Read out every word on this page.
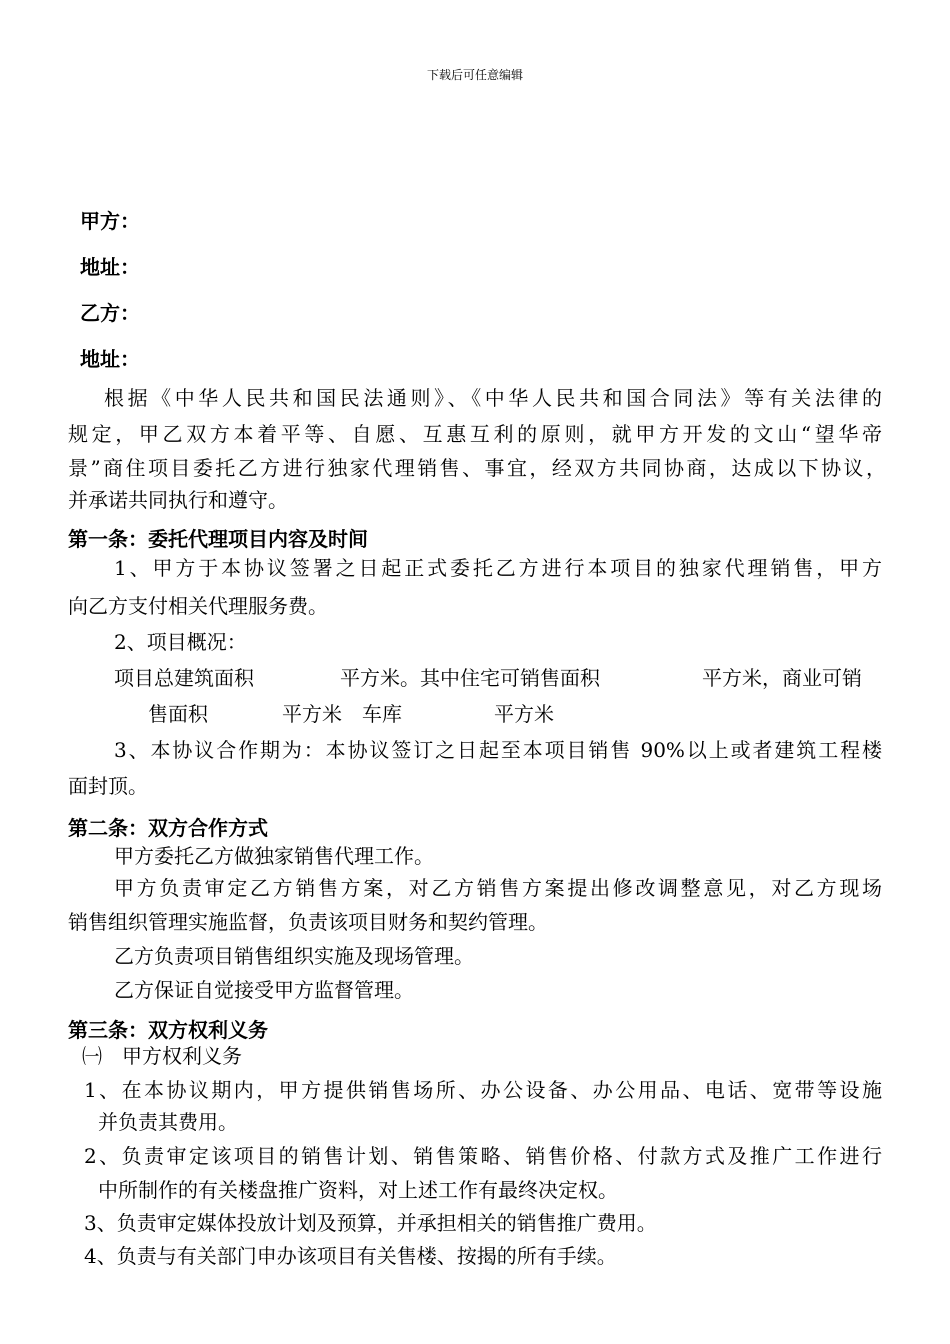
下载后可任意编辑
甲方：
地址：
乙方：
地址：
根据《中华人民共和国民法通则》、《中华人民共和国合同法》等有关法律的
规定，甲乙双方本着平等、自愿、互惠互利的原则，就甲方开发的文山“望华帝
景”商住项目委托乙方进行独家代理销售、事宜，经双方共同协商，达成以下协议，
并承诺共同执行和遵守。
第一条：委托代理项目内容及时间
1、甲方于本协议签署之日起正式委托乙方进行本项目的独家代理销售，甲方
向乙方支付相关代理服务费。
2、项目概况：
项目总建筑面积	平方米。其中住宅可销售面积	平方米，商业可销
售面积	平方米　车库	平方米
3、本协议合作期为：本协议签订之日起至本项目销售 90%以上或者建筑工程楼
面封顶。
第二条：双方合作方式
甲方委托乙方做独家销售代理工作。
甲方负责审定乙方销售方案，对乙方销售方案提出修改调整意见，对乙方现场
销售组织管理实施监督，负责该项目财务和契约管理。
乙方负责项目销售组织实施及现场管理。
乙方保证自觉接受甲方监督管理。
第三条：双方权利义务
㈠　甲方权利义务
1、在本协议期内，甲方提供销售场所、办公设备、办公用品、电话、宽带等设施
并负责其费用。
2、负责审定该项目的销售计划、销售策略、销售价格、付款方式及推广工作进行
中所制作的有关楼盘推广资料，对上述工作有最终决定权。
3、负责审定媒体投放计划及预算，并承担相关的销售推广费用。
4、负责与有关部门申办该项目有关售楼、按揭的所有手续。
